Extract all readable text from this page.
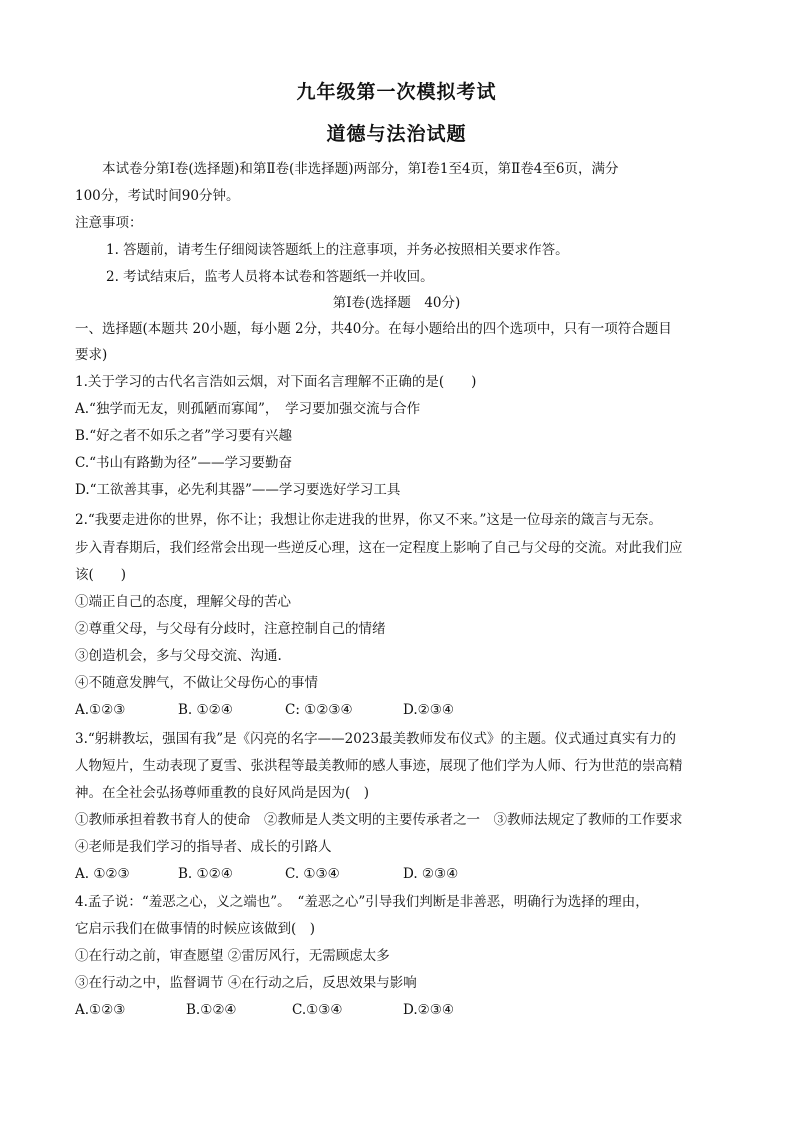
九年级第一次模拟考试
道德与法治试题
本试卷分第Ⅰ卷(选择题)和第Ⅱ卷(非选择题)两部分，第Ⅰ卷1至4页，第Ⅱ卷4至6页，满分
100分，考试时间90分钟。
注意事项：
1. 答题前，请考生仔细阅读答题纸上的注意事项，并务必按照相关要求作答。
2. 考试结束后，监考人员将本试卷和答题纸一并收回。
第Ⅰ卷(选择题　40分)
一、选择题(本题共 20小题，每小题 2分，共40分。在每小题给出的四个选项中，只有一项符合题目
要求)
1.关于学习的古代名言浩如云烟，对下面名言理解不正确的是(　　)
A.“独学而无友，则孤陋而寡闻”，　学习要加强交流与合作
B.“好之者不如乐之者”学习要有兴趣
C.“书山有路勤为径”——学习要勤奋
D.“工欲善其事，必先利其器”——学习要选好学习工具
2.“我要走进你的世界，你不让；我想让你走进我的世界，你又不来。”这是一位母亲的箴言与无奈。
步入青春期后，我们经常会出现一些逆反心理，这在一定程度上影响了自己与父母的交流。对此我们应
该(　　)
①端正自己的态度，理解父母的苦心
②尊重父母，与父母有分歧时，注意控制自己的情绪
③创造机会，多与父母交流、沟通.
④不随意发脾气，不做让父母伤心的事情
A.①②③	B. ①②④	C: ①②③④	D.②③④
3.“躬耕教坛，强国有我”是《闪亮的名字——2023最美教师发布仪式》的主题。仪式通过真实有力的
人物短片，生动表现了夏雪、张洪程等最美教师的感人事迹，展现了他们学为人师、行为世范的崇高精
神。在全社会弘扬尊师重教的良好风尚是因为(　)
①教师承担着教书育人的使命　②教师是人类文明的主要传承者之一　③教师法规定了教师的工作要求
④老师是我们学习的指导者、成长的引路人
A. ①②③	B. ①②④	C. ①③④	D. ②③④
4.孟子说：“羞恶之心，义之端也”。　“羞恶之心”引导我们判断是非善恶，明确行为选择的理由，
它启示我们在做事情的时候应该做到(　)
①在行动之前，审查愿望 ②雷厉风行，无需顾虑太多
③在行动之中，监督调节 ④在行动之后，反思效果与影响
A.①②③	B.①②④	C.①③④	D.②③④
